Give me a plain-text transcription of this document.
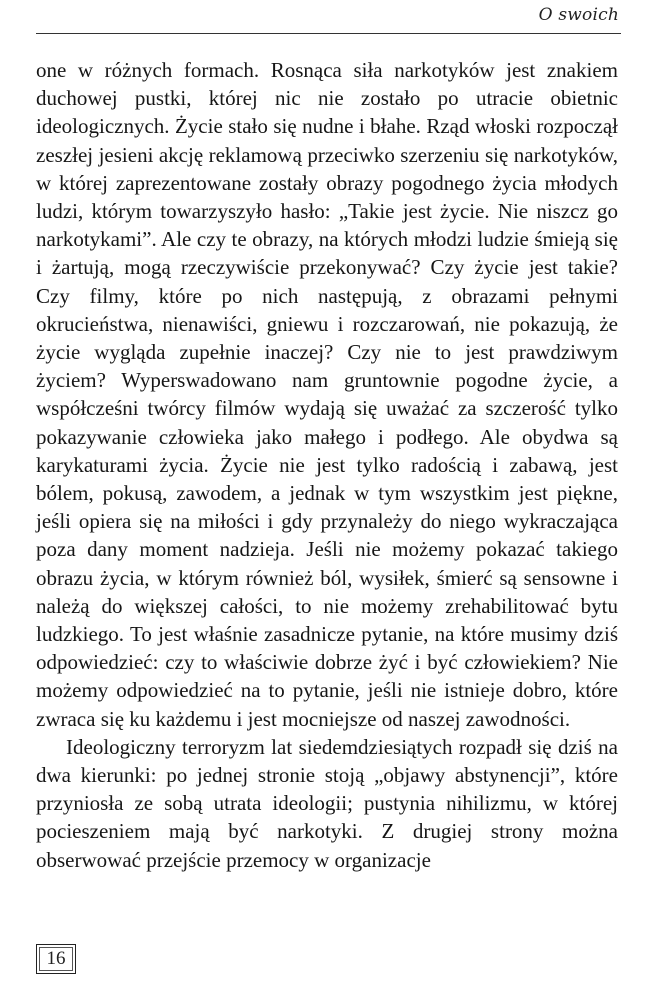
O swoich

one w różnych formach. Rosnąca siła narkotyków jest znakiem duchowej pustki, której nic nie zostało po utracie obietnic ideologicznych. Życie stało się nudne i błahe. Rząd włoski rozpoczął zeszłej jesieni akcję reklamową przeciwko szerzeniu się narkotyków, w której zaprezentowane zostały obrazy pogodnego życia młodych ludzi, którym towarzyszyło hasło: „Takie jest życie. Nie niszcz go narkotykami”. Ale czy te obrazy, na których młodzi ludzie śmieją się i żartują, mogą rzeczywiście przekonywać? Czy życie jest takie? Czy filmy, które po nich następują, z obrazami pełnymi okrucieństwa, nienawiści, gniewu i rozczarowań, nie pokazują, że życie wygląda zupełnie inaczej? Czy nie to jest prawdziwym życiem? Wyperswadowano nam gruntownie pogodne życie, a współcześni twórcy filmów wydają się uważać za szczerość tylko pokazywanie człowieka jako małego i podłego. Ale obydwa są karykaturami życia. Życie nie jest tylko radością i zabawą, jest bólem, pokusą, zawodem, a jednak w tym wszystkim jest piękne, jeśli opiera się na miłości i gdy przynależy do niego wykraczająca poza dany moment nadzieja. Jeśli nie możemy pokazać takiego obrazu życia, w którym również ból, wysiłek, śmierć są sensowne i należą do większej całości, to nie możemy zrehabilitować bytu ludzkiego. To jest właśnie zasadnicze pytanie, na które musimy dziś odpowiedzieć: czy to właściwie dobrze żyć i być człowiekiem? Nie możemy odpowiedzieć na to pytanie, jeśli nie istnieje dobro, które zwraca się ku każdemu i jest mocniejsze od naszej zawodności.

Ideologiczny terroryzm lat siedemdziesiątych rozpadł się dziś na dwa kierunki: po jednej stronie stoją „objawy abstynencji”, które przyniosła ze sobą utrata ideologii; pustynia nihilizmu, w której pocieszeniem mają być narkotyki. Z drugiej strony można obserwować przejście przemocy w organizacje

16
